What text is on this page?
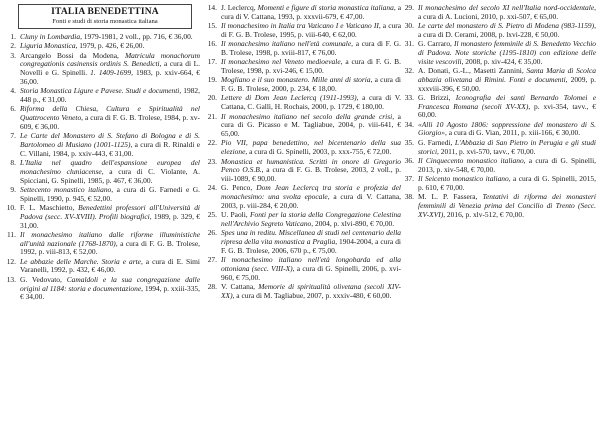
ITALIA BENEDETTINA
Fonti e studi di storia monastica italiana
1. Cluny in Lombardia, 1979-1981, 2 voll., pp. 716, € 36,00.
2. Liguria Monastica, 1979, p. 426, € 26,00.
3. Arcangelo Bossi da Modena, Matricula monachorum congregationis casinensis ordinis S. Benedicti, a cura di L. Novelli e G. Spinelli. 1. 1409-1699, 1983, p. xxiv-664, € 36,00.
4. Storia Monastica Ligure e Pavese. Studi e documenti, 1982, 448 p., € 31,00.
6. Riforma della Chiesa, Cultura e Spiritualità nel Quattrocento Veneto, a cura di F. G. B. Trolese, 1984, p. xv-609, € 36,00.
7. Le Carte del Monastero di S. Stefano di Bologna e di S. Bartolomeo di Musiano (1001-1125), a cura di R. Rinaldi e C. Villani, 1984, p. xxiv-443, € 31,00.
8. L'Italia nel quadro dell'espansione europea del monachesimo cluniacense, a cura di C. Violante, A. Spicciani, G. Spinelli, 1985, p. 467, € 36,00.
9. Settecento monastico italiano, a cura di G. Farnedi e G. Spinelli, 1990, p. 945, € 52,00.
10. F. L. Maschietto, Benedettini professori all'Università di Padova (secc. XV-XVIII). Profili biografici, 1989, p. 329, € 31,00.
11. Il monachesimo italiano dalle riforme illuministiche all'unità nazionale (1768-1870), a cura di F. G. B. Trolese, 1992, p. viii-813, € 52,00.
12. Le abbazie delle Marche. Storia e arte, a cura di E. Simi Varanelli, 1992, p. 432, € 46,00.
13. G. Vedovato, Camaldoli e la sua congregazione dalle origini al 1184: storia e documentazione, 1994, p. xxiii-335, € 34,00.
14. J. Leclercq, Momenti e figure di storia monastica italiana, a cura di V. Cattana, 1993, p. xxxvii-679, € 47,00.
15. Il monachesimo in Italia tra Vaticano I e Vaticano II, a cura di F. G. B. Trolese, 1995, p. viii-640, € 62,00.
16. Il monachesimo italiano nell'età comunale, a cura di F. G. B. Trolese, 1998, p. xviii-817, € 76,00.
17. Il monachesimo nel Veneto medioevale, a cura di F. G. B. Trolese, 1998, p. xvi-246, € 15,00.
19. Mogliano e il suo monastero. Mille anni di storia, a cura di F. G. B. Trolese, 2000, p. 234, € 18,00.
20. Lettere di Dom Jean Leclercq (1911-1993), a cura di V. Cattana, C. Gallì, H. Rochais, 2000, p. 1729, € 180,00.
21. Il monachesimo italiano nel secolo della grande crisi, a cura di G. Picasso e M. Tagliabue, 2004, p. viii-641, € 65,00.
22. Pio VII, papa benedettino, nel bicentenario della sua elezione, a cura di G. Spinelli, 2003, p. xxx-755, € 72,00.
23. Monastica et humanistica. Scritti in onore di Gregorio Penco O.S.B., a cura di F. G. B. Trolese, 2003, 2 voll., p. viii-1089, € 90,00.
24. G. Penco, Dom Jean Leclercq tra storia e profezia del monachesimo: una svolta epocale, a cura di V. Cattana, 2003, p. viii-284, € 20,00.
25. U. Paoli, Fonti per la storia della Congregazione Celestina nell'Archivio Segreto Vaticano, 2004, p. xlvi-890, € 70,00.
26. Spes una in reditu. Miscellanea di studi nel centenario della ripresa della vita monastica a Praglia, 1904-2004, a cura di F. G. B. Trolese, 2006, 670 p., € 75,00.
27. Il monachesimo italiano nell'età longobarda ed alla ottoniana (secc. VIII-X), a cura di G. Spinelli, 2006, p. xvi-960, € 75,00.
28. V. Cattana, Memorie di spiritualità olivetana (secoli XIV-XX), a cura di M. Tagliabue, 2007, p. xxxiv-480, € 60,00.
29. Il monachesimo del secolo XI nell'Italia nord-occidentale, a cura di A. Lucioni, 2010, p. xxi-507, € 65,00.
30. Le carte del monastero di S. Pietro di Modena (983-1159), a cura di D. Cerami, 2008, p. lxvi-228, € 50,00.
31. G. Carraro, Il monastero femminile di S. Benedetto Vecchio di Padova. Note storiche (1195-1810) con edizione delle visite vescovili, 2008, p. xiv-424, € 35,00.
32. A. Donati, G.-L., Masetti Zannini, Santa Maria di Scolca abbazia olivetana di Rimini. Fonti e documenti, 2009, p. xxxviii-396, € 50,00.
33. G. Brizzi, Iconografia dei santi Bernardo Tolomei e Francesca Romana (secoli XV-XX), p. xvi-354, tavv., € 60,00.
34. «Alli 10 Agosto 1806: soppressione del monastero di S. Giorgio», a cura di G. Vian, 2011, p. xiii-166, € 30,00.
35. G. Farnedi, L'Abbazia di San Pietro in Perugia e gli studi storici, 2011, p. xvi-570, tavv., € 70,00.
36. Il Cinquecento monastico italiano, a cura di G. Spinelli, 2013, p. xiv-548, € 70,00.
37. Il Seicento monastico italiano, a cura di G. Spinelli, 2015, p. 610, € 70,00.
38. M. L. P. Fassera, Tentativi di riforma dei monasteri femminili di Venezia prima del Concilio di Trento (Secc. XV-XVI), 2016, p. xlv-512, € 70,00.
